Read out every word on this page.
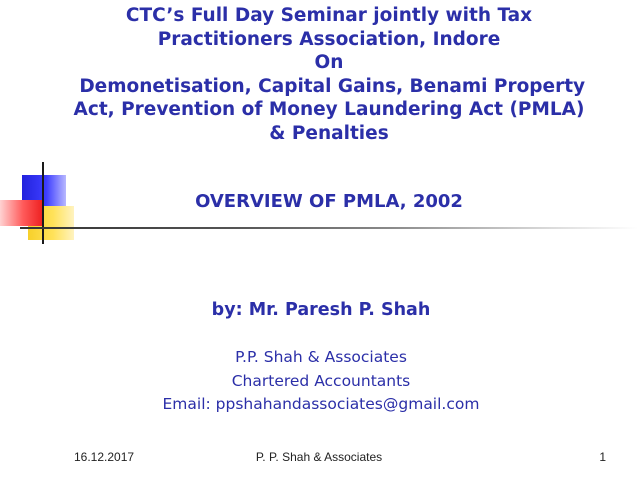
CTC’s Full Day Seminar jointly with Tax
Practitioners Association, Indore
On
Demonetisation, Capital Gains, Benami Property
Act, Prevention of Money Laundering Act (PMLA)
& Penalties
OVERVIEW OF PMLA, 2002
by: Mr. Paresh P. Shah
P.P. Shah & Associates
Chartered Accountants
Email: ppshahandassociates@gmail.com
16.12.2017	P. P. Shah & Associates	1
